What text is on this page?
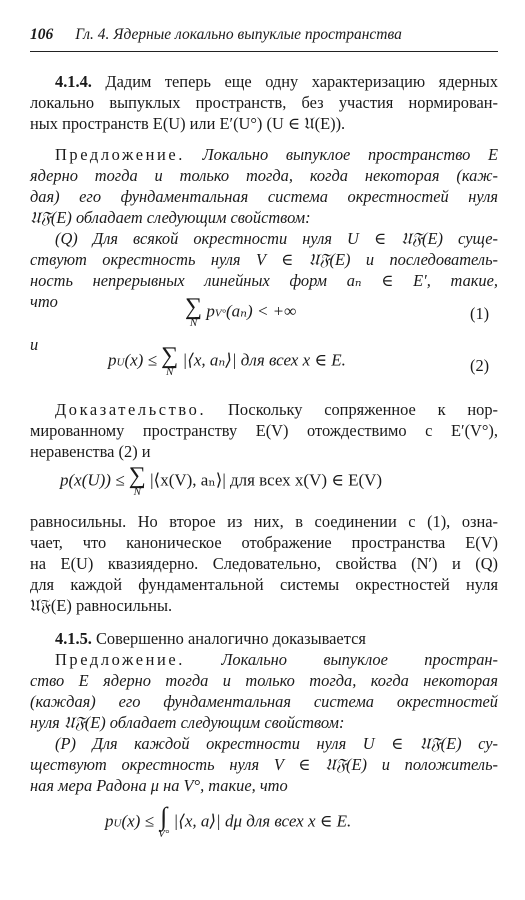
106 Гл. 4. Ядерные локально выпуклые пространства
4.1.4. Дадим теперь еще одну характеризацию ядерных
локально выпуклых пространств, без участия нормирован-
ных пространств E(U) или E′(U°) (U ∈ 𝔘(E)).
Предложение. Локально выпуклое пространство E
ядерно тогда и только тогда, когда некоторая (каж-
дая) его фундаментальная система окрестностей нуля
𝔘𝔉(E) обладает следующим свойством:
(Q) Для всякой окрестности нуля U ∈ 𝔘𝔉(E) суще-
ствуют окрестность нуля V ∈ 𝔘𝔉(E) и последователь-
ность непрерывных линейных форм aₙ ∈ E′, такие,
что	∑
N
pV°(aₙ) < +∞	(1)
и
pU(x) ≤ ∑
N
|⟨x, aₙ⟩| для всех x ∈ E.	(2)
Доказательство. Поскольку сопряженное к нор-
мированному пространству E(V) отождествимо с E′(V°),
неравенства (2) и
p(x(U)) ≤ ∑
N
|⟨x(V), aₙ⟩| для всех x(V) ∈ E(V)
равносильны. Но второе из них, в соединении с (1), озна-
чает, что каноническое отображение пространства E(V)
на E(U) квазиядерно. Следовательно, свойства (N′) и (Q)
для каждой фундаментальной системы окрестностей нуля
𝔘𝔉(E) равносильны.
4.1.5. Совершенно аналогично доказывается
Предложение. Локально выпуклое простран-
ство E ядерно тогда и только тогда, когда некоторая
(каждая) его фундаментальная система окрестностей
нуля 𝔘𝔉(E) обладает следующим свойством:
(P) Для каждой окрестности нуля U ∈ 𝔘𝔉(E) су-
ществуют окрестность нуля V ∈ 𝔘𝔉(E) и положитель-
ная мера Радона μ на V°, такие, что
pU(x) ≤ ∫
V°
|⟨x, a⟩| dμ для всех x ∈ E.
